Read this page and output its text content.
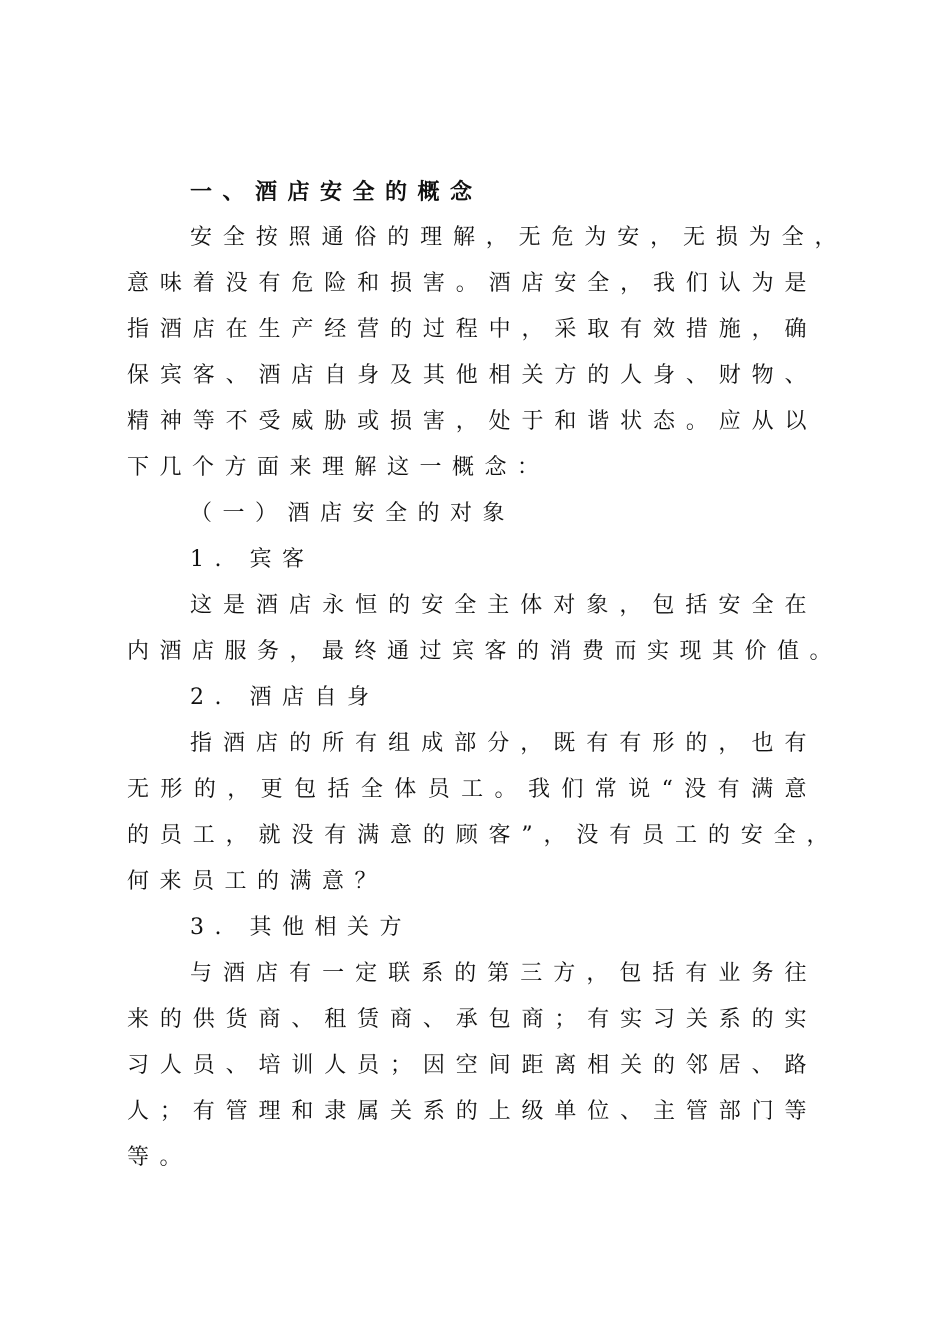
一、酒店安全的概念
安全按照通俗的理解，无危为安，无损为全，
意味着没有危险和损害。酒店安全，我们认为是
指酒店在生产经营的过程中，采取有效措施，确
保宾客、酒店自身及其他相关方的人身、财物、
精神等不受威胁或损害，处于和谐状态。应从以
下几个方面来理解这一概念：
（一）酒店安全的对象
1. 宾客
这是酒店永恒的安全主体对象，包括安全在
内酒店服务，最终通过宾客的消费而实现其价值。
2. 酒店自身
指酒店的所有组成部分，既有有形的，也有
无形的，更包括全体员工。我们常说“没有满意
的员工，就没有满意的顾客”，没有员工的安全，
何来员工的满意？
3. 其他相关方
与酒店有一定联系的第三方，包括有业务往
来的供货商、租赁商、承包商；有实习关系的实
习人员、培训人员；因空间距离相关的邻居、路
人；有管理和隶属关系的上级单位、主管部门等
等。
